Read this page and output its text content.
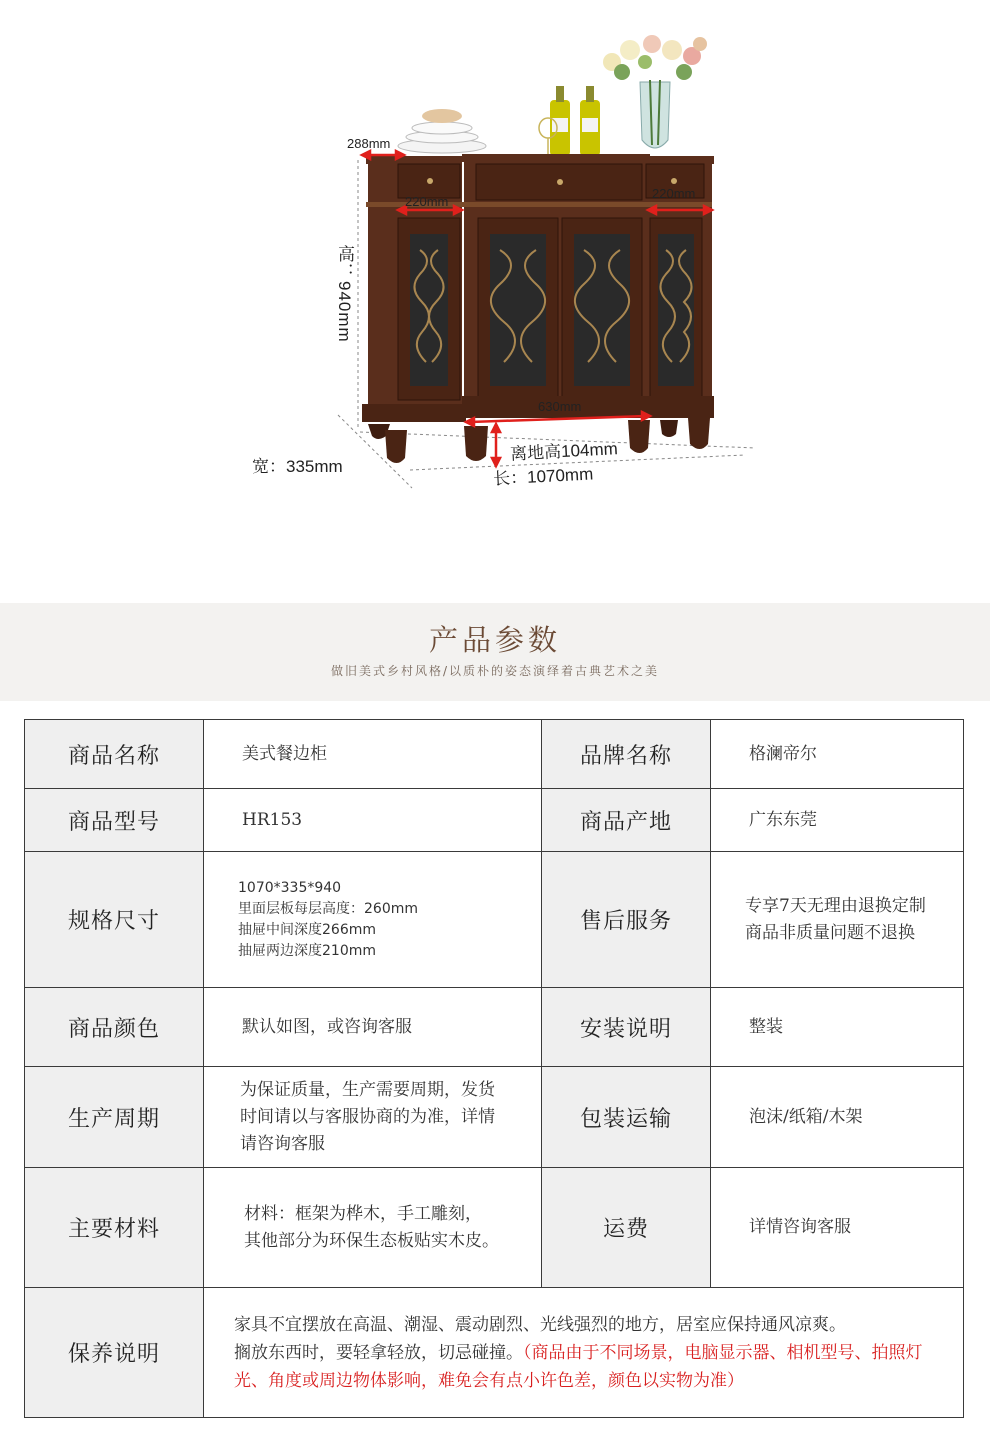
288mm
220mm
220mm
高：940mm
630mm
离地高104mm
长：1070mm
宽：335mm
产品参数
做旧美式乡村风格/以质朴的姿态演绎着古典艺术之美
商品名称	美式餐边柜	品牌名称	格澜帝尔
商品型号	HR153	商品产地	广东东莞
规格尺寸	1070*335*940
里面层板每层高度：260mm
抽屉中间深度266mm
抽屉两边深度210mm	售后服务	专享7天无理由退换定制
商品非质量问题不退换

商品颜色	默认如图，或咨询客服	安装说明	整装
生产周期	为保证质量，生产需要周期，发货
时间请以与客服协商的为准，详情
请咨询客服	包装运输	泡沫/纸箱/木架
主要材料	材料：框架为桦木，手工雕刻，
其他部分为环保生态板贴实木皮。	运费	详情咨询客服
保养说明	家具不宜摆放在高温、潮湿、震动剧烈、光线强烈的地方，居室应保持通风凉爽。
搁放东西时，要轻拿轻放，切忌碰撞。（商品由于不同场景，电脑显示器、相机型号、拍照灯光、角度或周边物体影响，难免会有点小许色差，颜色以实物为准）		
